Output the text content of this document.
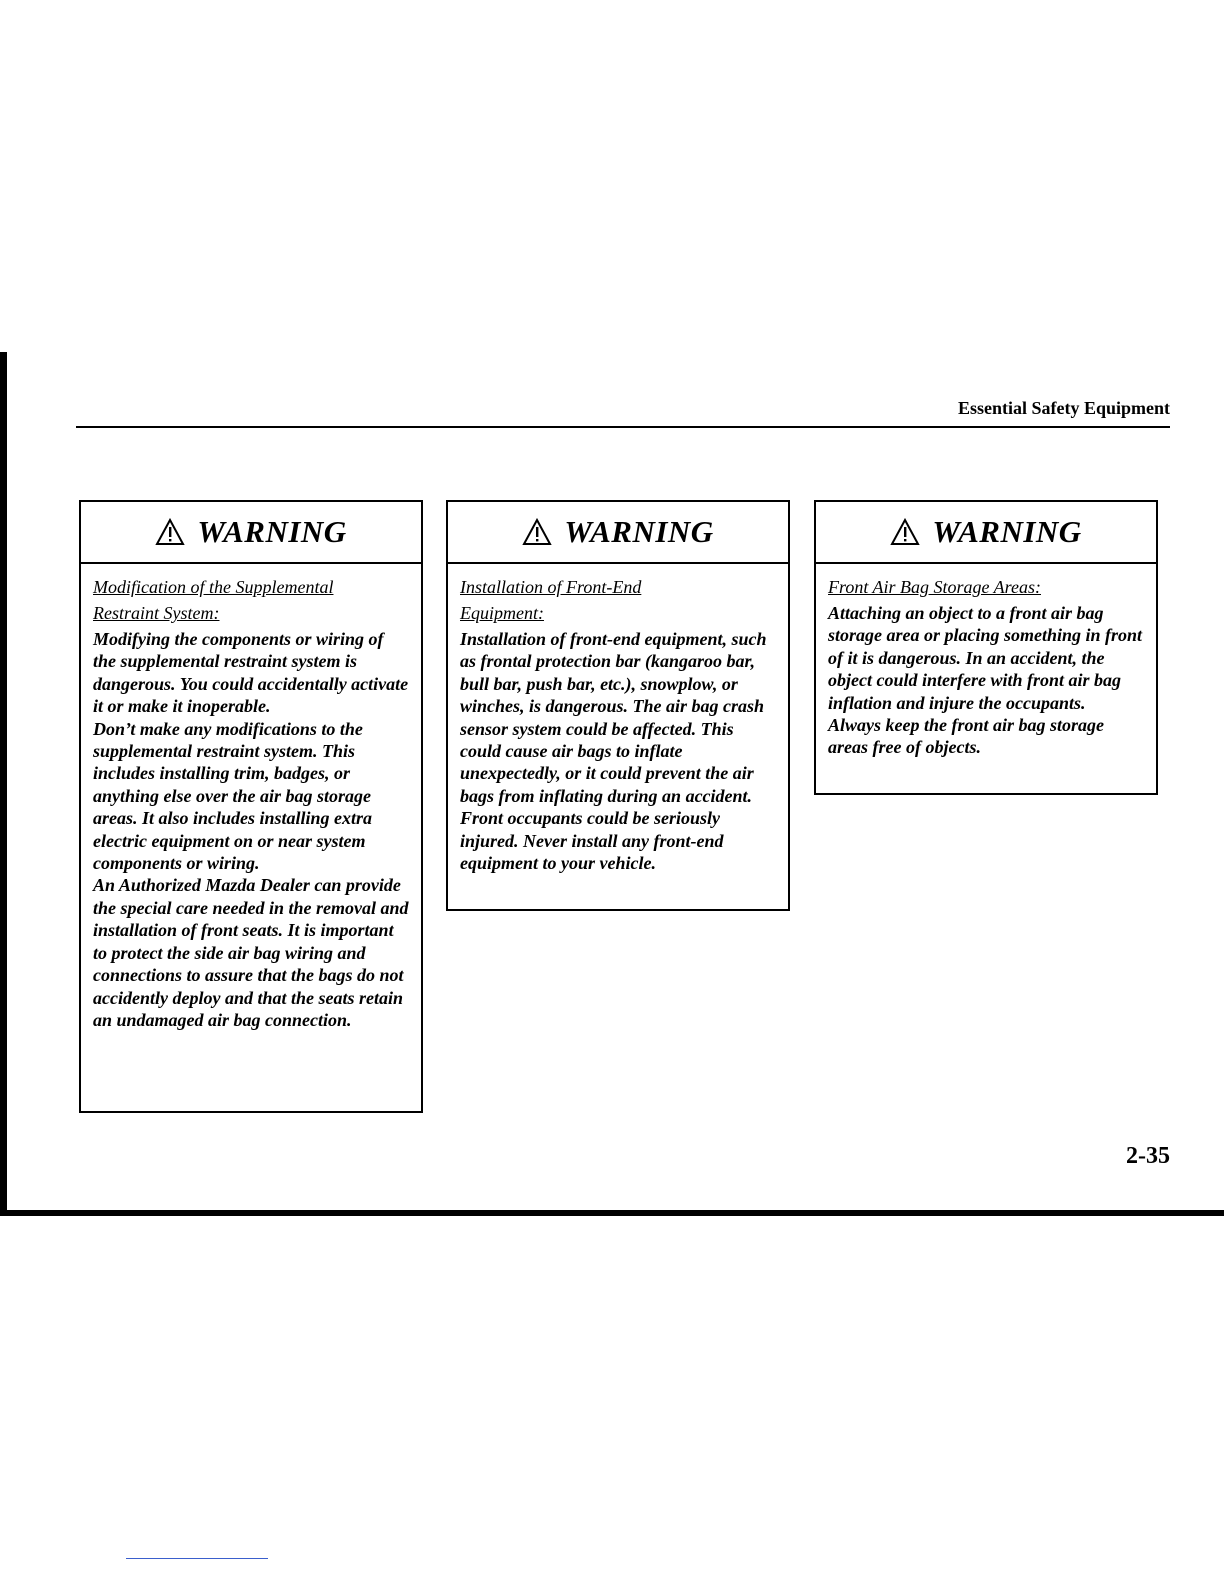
Essential Safety Equipment
WARNING
Modification of the Supplemental
Restraint System:

Modifying the components or wiring of the supplemental restraint system is dangerous. You could accidentally activate it or make it inoperable.

Don’t make any modifications to the supplemental restraint system. This includes installing trim, badges, or anything else over the air bag storage areas. It also includes installing extra electric equipment on or near system components or wiring.

An Authorized Mazda Dealer can provide the special care needed in the removal and installation of front seats. It is important to protect the side air bag wiring and connections to assure that the bags do not accidently deploy and that the seats retain an undamaged air bag connection.

WARNING
Installation of Front-End
Equipment:

Installation of front-end equipment, such as frontal protection bar (kangaroo bar, bull bar, push bar, etc.), snowplow, or winches, is dangerous. The air bag crash sensor system could be affected. This could cause air bags to inflate unexpectedly, or it could prevent the air bags from inflating during an accident. Front occupants could be seriously injured. Never install any front-end equipment to your vehicle.

WARNING
Front Air Bag Storage Areas:

Attaching an object to a front air bag storage area or placing something in front of it is dangerous. In an accident, the object could interfere with front air bag inflation and injure the occupants.

Always keep the front air bag storage areas free of objects.

2-35
